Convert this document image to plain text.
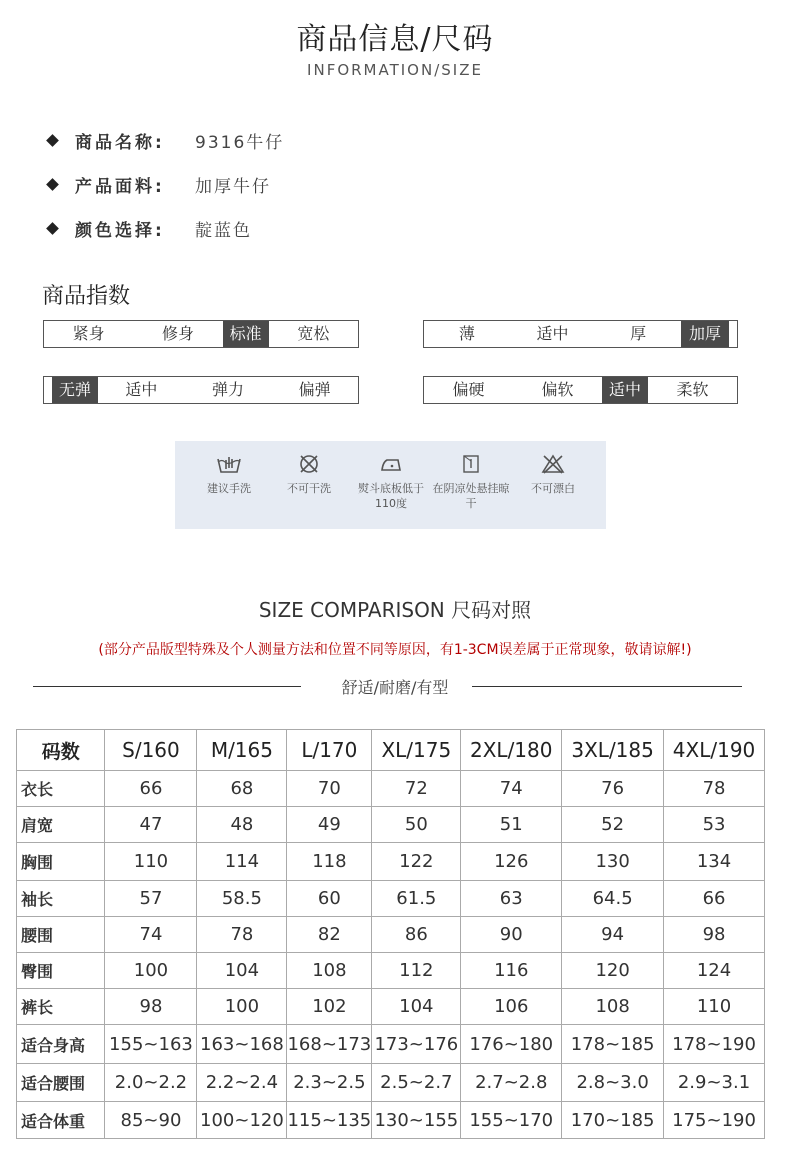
商品信息/尺码
INFORMATION/SIZE
商品名称:	9316牛仔
产品面料:	加厚牛仔
颜色选择:	靛蓝色
商品指数
紧身	修身	标准	宽松	薄	适中	厚	加厚
无弹	适中	弹力	偏弹	偏硬	偏软	适中	柔软
建议手洗	不可干洗	熨斗底板低于110度
在阴凉处悬挂晾干
不可漂白
SIZE COMPARISON 尺码对照
(部分产品版型特殊及个人测量方法和位置不同等原因，有1-3CM误差属于正常现象，敬请谅解!)
舒适/耐磨/有型
码数	S/160	M/165	L/170	XL/175	2XL/180	3XL/185	4XL/190
衣长	66	68	70	72	74	76	78
肩宽	47	48	49	50	51	52	53
胸围	110	114	118	122	126	130	134
袖长	57	58.5	60	61.5	63	64.5	66
腰围	74	78	82	86	90	94	98
臀围	100	104	108	112	116	120	124
裤长	98	100	102	104	106	108	110
适合身高	155~163	163~168	168~173	173~176	176~180	178~185	178~190
适合腰围	2.0~2.2	2.2~2.4	2.3~2.5	2.5~2.7	2.7~2.8	2.8~3.0	2.9~3.1
适合体重	85~90	100~120	115~135	130~155	155~170	170~185	175~190
